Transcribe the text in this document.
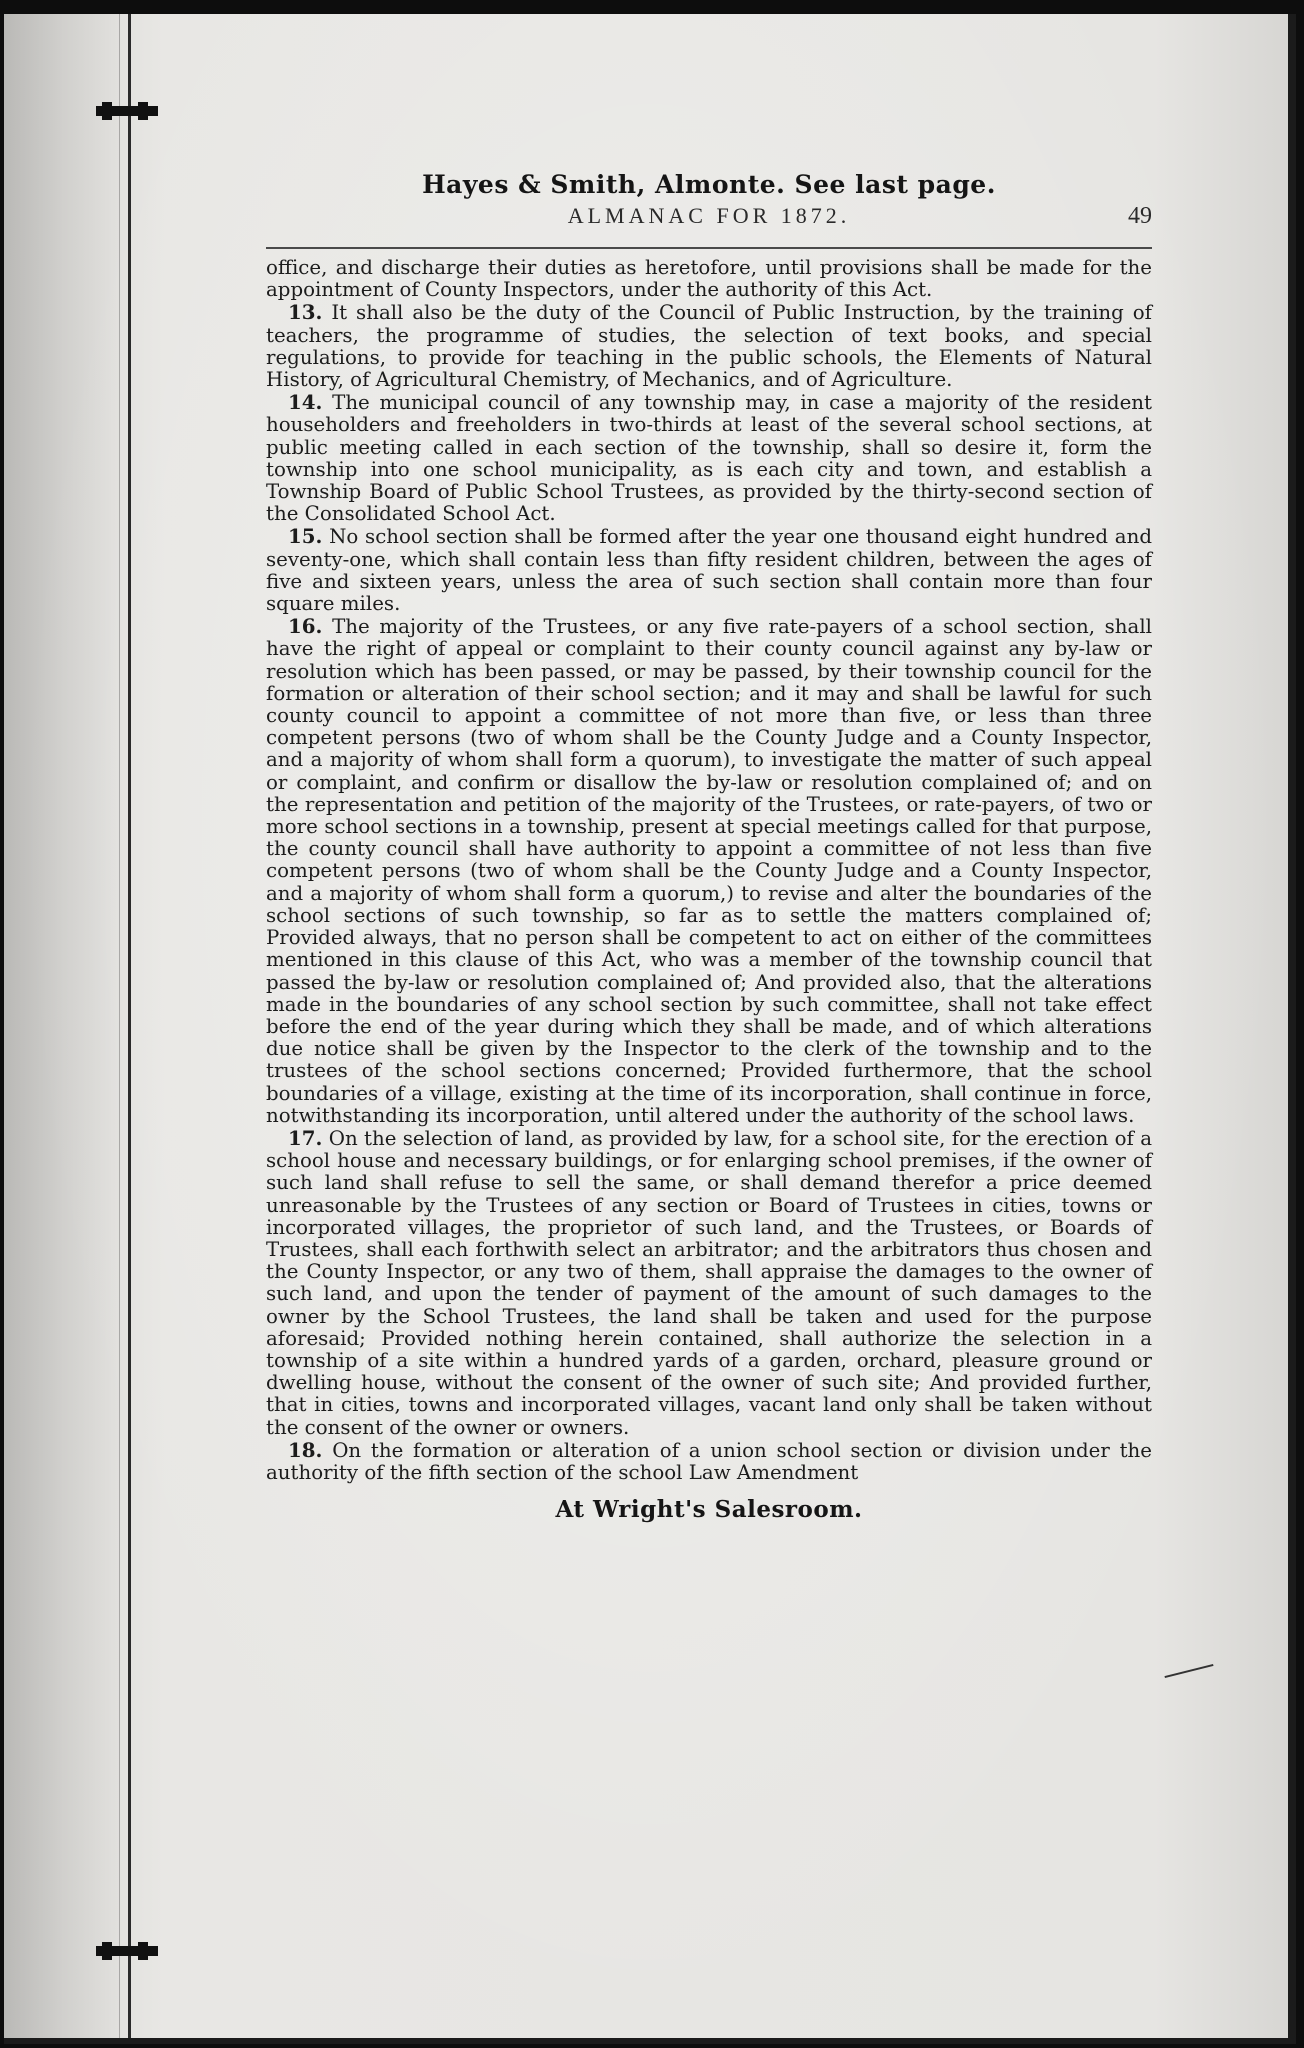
Hayes & Smith, Almonte. See last page.
ALMANAC FOR 1872.	49

office, and discharge their duties as heretofore, until provisions shall be made for the appointment of County Inspectors, under the authority of this Act.

13. It shall also be the duty of the Council of Public Instruction, by the training of teachers, the programme of studies, the selection of text books, and special regulations, to provide for teaching in the public schools, the Elements of Natural History, of Agricultural Chemistry, of Mechanics, and of Agriculture.

14. The municipal council of any township may, in case a majority of the resident householders and freeholders in two-thirds at least of the several school sections, at public meeting called in each section of the township, shall so desire it, form the township into one school municipality, as is each city and town, and establish a Township Board of Public School Trustees, as provided by the thirty-second section of the Consolidated School Act.

15. No school section shall be formed after the year one thousand eight hundred and seventy-one, which shall contain less than fifty resident children, between the ages of five and sixteen years, unless the area of such section shall contain more than four square miles.

16. The majority of the Trustees, or any five rate-payers of a school section, shall have the right of appeal or complaint to their county council against any by-law or resolution which has been passed, or may be passed, by their township council for the formation or alteration of their school section; and it may and shall be lawful for such county council to appoint a committee of not more than five, or less than three competent persons (two of whom shall be the County Judge and a County Inspector, and a majority of whom shall form a quorum), to investigate the matter of such appeal or complaint, and confirm or disallow the by-law or resolution complained of; and on the representation and petition of the majority of the Trustees, or rate-payers, of two or more school sections in a township, present at special meetings called for that purpose, the county council shall have authority to appoint a committee of not less than five competent persons (two of whom shall be the County Judge and a County Inspector, and a majority of whom shall form a quorum,) to revise and alter the boundaries of the school sections of such township, so far as to settle the matters complained of; Provided always, that no person shall be competent to act on either of the committees mentioned in this clause of this Act, who was a member of the township council that passed the by-law or resolution complained of; And provided also, that the alterations made in the boundaries of any school section by such committee, shall not take effect before the end of the year during which they shall be made, and of which alterations due notice shall be given by the Inspector to the clerk of the township and to the trustees of the school sections concerned; Provided furthermore, that the school boundaries of a village, existing at the time of its incorporation, shall continue in force, notwithstanding its incorporation, until altered under the authority of the school laws.

17. On the selection of land, as provided by law, for a school site, for the erection of a school house and necessary buildings, or for enlarging school premises, if the owner of such land shall refuse to sell the same, or shall demand therefor a price deemed unreasonable by the Trustees of any section or Board of Trustees in cities, towns or incorporated villages, the proprietor of such land, and the Trustees, or Boards of Trustees, shall each forthwith select an arbitrator; and the arbitrators thus chosen and the County Inspector, or any two of them, shall appraise the damages to the owner of such land, and upon the tender of payment of the amount of such damages to the owner by the School Trustees, the land shall be taken and used for the purpose aforesaid; Provided nothing herein contained, shall authorize the selection in a township of a site within a hundred yards of a garden, orchard, pleasure ground or dwelling house, without the consent of the owner of such site; And provided further, that in cities, towns and incorporated villages, vacant land only shall be taken without the consent of the owner or owners.

18. On the formation or alteration of a union school section or division under the authority of the fifth section of the school Law Amendment

At Wright's Salesroom.
